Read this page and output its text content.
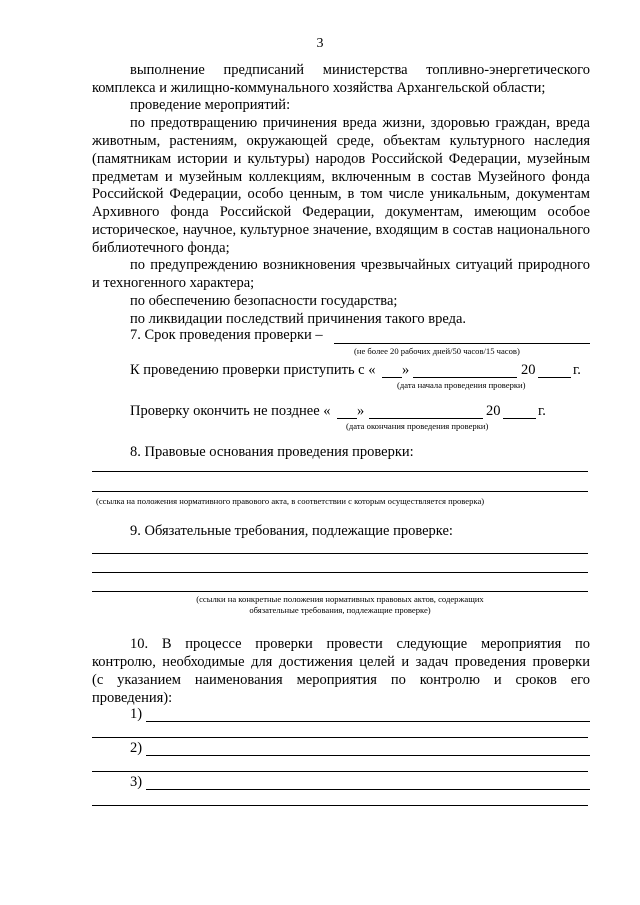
3
выполнение предписаний министерства топливно-энергетического
комплекса и жилищно-коммунального хозяйства Архангельской области;
проведение мероприятий:
по предотвращению причинения вреда жизни, здоровью граждан, вреда
животным, растениям, окружающей среде, объектам культурного наследия
(памятникам истории и культуры) народов Российской Федерации, музейным
предметам и музейным коллекциям, включенным в состав Музейного фонда
Российской Федерации, особо ценным, в том числе уникальным, документам
Архивного фонда Российской Федерации, документам, имеющим особое
историческое, научное, культурное значение, входящим в состав национального
библиотечного фонда;
по предупреждению возникновения чрезвычайных ситуаций природного
и техногенного характера;
по обеспечению безопасности государства;
по ликвидации последствий причинения такого вреда.
7. Срок проведения проверки –
(не более 20 рабочих дней/50 часов/15 часов)
К проведению проверки приступить с « »	20	г.
(дата начала проведения проверки)
Проверку окончить не позднее « »	20	г.
(дата окончания проведения проверки)
8. Правовые основания проведения проверки:
(ссылка на положения нормативного правового акта, в соответствии с которым осуществляется проверка)
9. Обязательные требования, подлежащие проверке:
(ссылки на конкретные положения нормативных правовых актов, содержащих
обязательные требования, подлежащие проверке)
10. В процессе проверки провести следующие мероприятия по
контролю, необходимые для достижения целей и задач проведения проверки
(с указанием наименования мероприятия по контролю и сроков его
проведения):
1)
2)
3)
